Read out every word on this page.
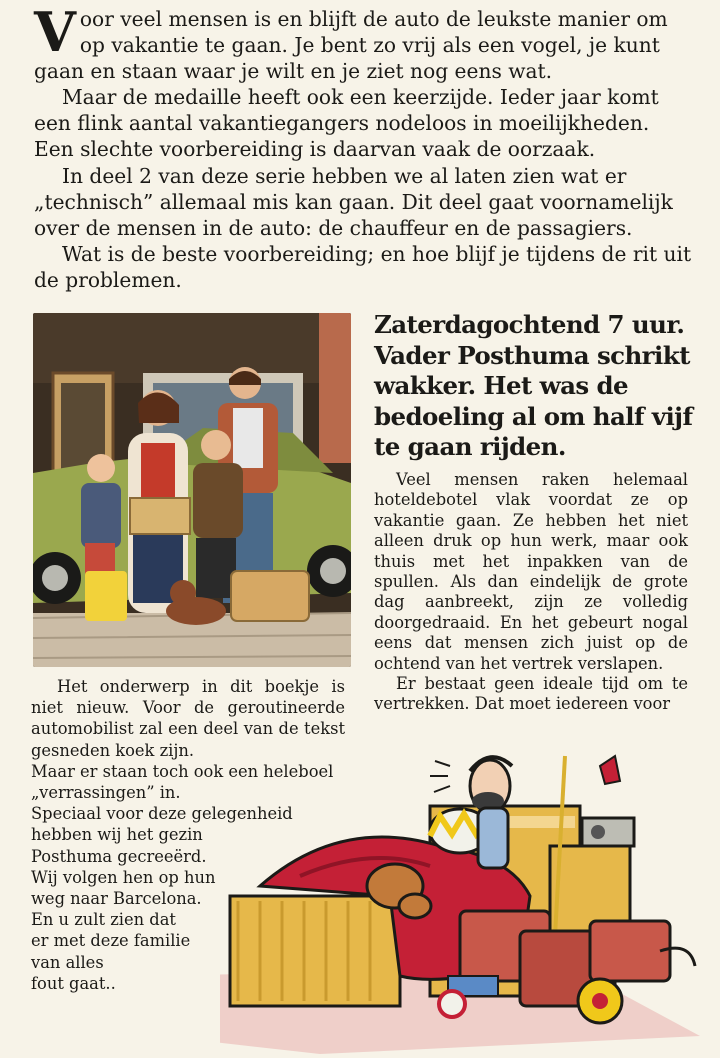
Voor veel mensen is en blijft de auto de leukste manier om op vakantie te gaan. Je bent zo vrij als een vogel, je kunt gaan en staan waar je wilt en je ziet nog eens wat.

Maar de medaille heeft ook een keerzijde. Ieder jaar komt een flink aantal vakantiegangers nodeloos in moeilijkheden. Een slechte voorbereiding is daarvan vaak de oorzaak.

In deel 2 van deze serie hebben we al laten zien wat er „technisch” allemaal mis kan gaan. Dit deel gaat voornamelijk over de mensen in de auto: de chauffeur en de passagiers.

Wat is de beste voorbereiding; en hoe blijf je tijdens de rit uit de problemen.

Zaterdagochtend 7 uur. Vader Posthuma schrikt wakker. Het was de bedoeling al om half vijf te gaan rijden.

Veel mensen raken helemaal hoteldebotel vlak voordat ze op vakantie gaan. Ze hebben het niet alleen druk op hun werk, maar ook thuis met het inpakken van de spullen. Als dan eindelijk de grote dag aanbreekt, zijn ze volledig doorgedraaid. En het gebeurt nogal eens dat mensen zich juist op de ochtend van het vertrek verslapen.

Er bestaat geen ideale tijd om te vertrekken. Dat moet iedereen voor

Het onderwerp in dit boekje is niet nieuw. Voor de geroutineerde automobilist zal een deel van de tekst gesneden koek zijn.

Maar er staan toch ook een heleboel „verrassingen” in.

Speciaal voor deze gelegenheid

hebben wij het gezin

Posthuma gecreeërd.

Wij volgen hen op hun

weg naar Barcelona.

En u zult zien dat

er met deze familie

van alles

fout gaat..
